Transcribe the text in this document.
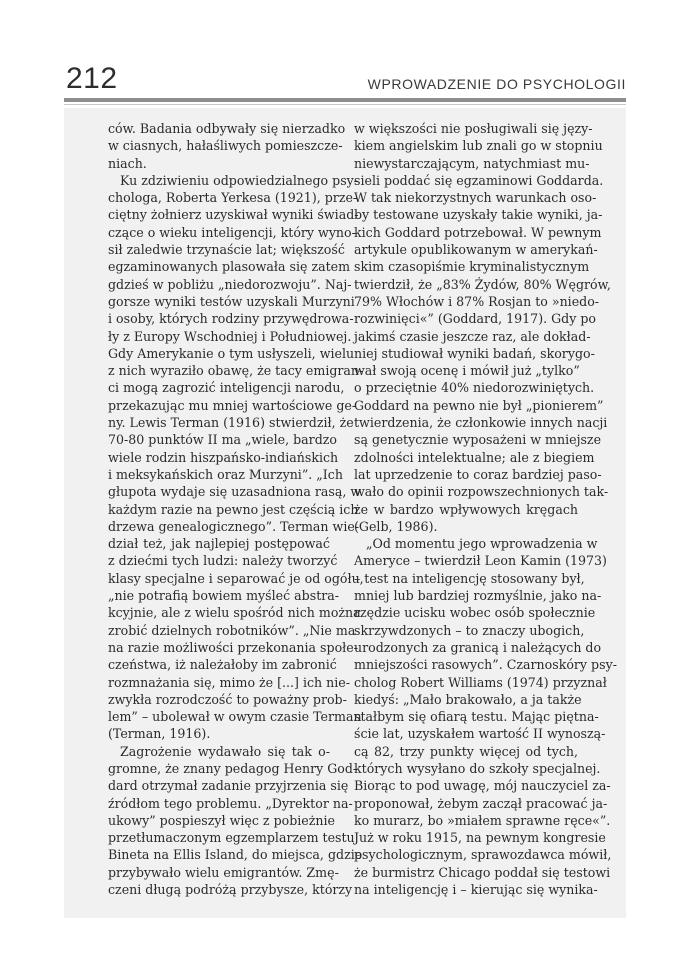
212	WPROWADZENIE DO PSYCHOLOGII
ców. Badania odbywały się nierzadko
w ciasnych, hałaśliwych pomieszcze-
niach.
Ku zdziwieniu odpowiedzialnego psy-
chologa, Roberta Yerkesa (1921), prze-
ciętny żołnierz uzyskiwał wyniki świad-
czące o wieku inteligencji, który wyno-
sił zaledwie trzynaście lat; większość
egzaminowanych plasowała się zatem
gdzieś w pobliżu „niedorozwoju”. Naj-
gorsze wyniki testów uzyskali Murzyni
i osoby, których rodziny przywędrowa-
ły z Europy Wschodniej i Południowej.
Gdy Amerykanie o tym usłyszeli, wielu
z nich wyraziło obawę, że tacy emigran-
ci mogą zagrozić inteligencji narodu,
przekazując mu mniej wartościowe ge-
ny. Lewis Terman (1916) stwierdził, że
70-80 punktów II ma „wiele, bardzo
wiele rodzin hiszpańsko-indiańskich
i meksykańskich oraz Murzyni”. „Ich
głupota wydaje się uzasadniona rasą, w
każdym razie na pewno jest częścią ich
drzewa genealogicznego”. Terman wie-
dział też, jak najlepiej postępować
z dziećmi tych ludzi: należy tworzyć
klasy specjalne i separować je od ogółu,
„nie potrafią bowiem myśleć abstra-
kcyjnie, ale z wielu spośród nich można
zrobić dzielnych robotników”. „Nie ma
na razie możliwości przekonania społe-
czeństwa, iż należałoby im zabronić
rozmnażania się, mimo że [...] ich nie-
zwykła rozrodczość to poważny prob-
lem” – ubolewał w owym czasie Terman
(Terman, 1916).
Zagrożenie wydawało się tak o-
gromne, że znany pedagog Henry God-
dard otrzymał zadanie przyjrzenia się
źródłom tego problemu. „Dyrektor na-
ukowy” pospieszył więc z pobieżnie
przetłumaczonym egzemplarzem testu
Bineta na Ellis Island, do miejsca, gdzie
przybywało wielu emigrantów. Zmę-
czeni długą podróżą przybysze, którzy
w większości nie posługiwali się języ-
kiem angielskim lub znali go w stopniu
niewystarczającym, natychmiast mu-
sieli poddać się egzaminowi Goddarda.
W tak niekorzystnych warunkach oso-
by testowane uzyskały takie wyniki, ja-
kich Goddard potrzebował. W pewnym
artykule opublikowanym w amerykań-
skim czasopiśmie kryminalistycznym
twierdził, że „83% Żydów, 80% Węgrów,
79% Włochów i 87% Rosjan to »niedo-
rozwinięci«” (Goddard, 1917). Gdy po
jakimś czasie jeszcze raz, ale dokład-
niej studiował wyniki badań, skorygo-
wał swoją ocenę i mówił już „tylko”
o przeciętnie 40% niedorozwiniętych.
Goddard na pewno nie był „pionierem”
twierdzenia, że członkowie innych nacji
są genetycznie wyposażeni w mniejsze
zdolności intelektualne; ale z biegiem
lat uprzedzenie to coraz bardziej paso-
wało do opinii rozpowszechnionych tak-
że w bardzo wpływowych kręgach
(Gelb, 1986).
„Od momentu jego wprowadzenia w
Ameryce – twierdził Leon Kamin (1973)
– test na inteligencję stosowany był,
mniej lub bardziej rozmyślnie, jako na-
rzędzie ucisku wobec osób społecznie
skrzywdzonych – to znaczy ubogich,
urodzonych za granicą i należących do
mniejszości rasowych”. Czarnoskóry psy-
cholog Robert Williams (1974) przyznał
kiedyś: „Mało brakowało, a ja także
stałbym się ofiarą testu. Mając piętna-
ście lat, uzyskałem wartość II wynoszą-
cą 82, trzy punkty więcej od tych,
których wysyłano do szkoły specjalnej.
Biorąc to pod uwagę, mój nauczyciel za-
proponował, żebym zaczął pracować ja-
ko murarz, bo »miałem sprawne ręce«”.
Już w roku 1915, na pewnym kongresie
psychologicznym, sprawozdawca mówił,
że burmistrz Chicago poddał się testowi
na inteligencję i – kierując się wynika-
